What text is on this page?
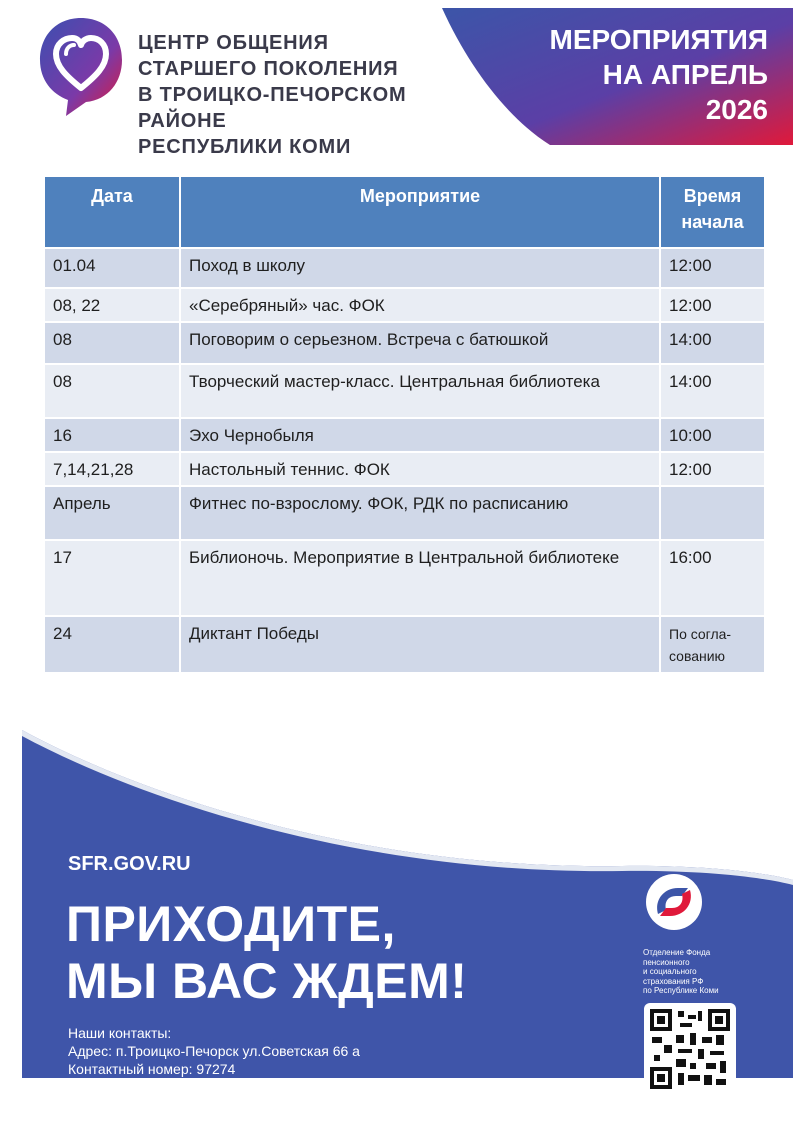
ЦЕНТР ОБЩЕНИЯ
СТАРШЕГО ПОКОЛЕНИЯ
В ТРОИЦКО-ПЕЧОРСКОМ
РАЙОНЕ
РЕСПУБЛИКИ КОМИ
МЕРОПРИЯТИЯ
НА АПРЕЛЬ
2026
Дата	Мероприятие	Время
начала

01.04	Поход в школу	12:00
08, 22	«Серебряный» час. ФОК	12:00
08	Поговорим о серьезном. Встреча с батюшкой	14:00
08	Творческий мастер-класс. Центральная библиотека	14:00
16	Эхо Чернобыля	10:00
7,14,21,28	Настольный теннис. ФОК	12:00
Апрель	Фитнес по-взрослому. ФОК, РДК по расписанию	
17	Библионочь. Мероприятие в Центральной библиотеке	16:00
24	Диктант Победы	По согла-сованию
SFR.GOV.RU
ПРИХОДИТЕ,
МЫ ВАС ЖДЕМ!
Наши контакты:
Адрес: п.Троицко-Печорск ул.Советская 66 а
Контактный номер: 97274
Отделение Фонда
пенсионного
и социального
страхования РФ
по Республике Коми
